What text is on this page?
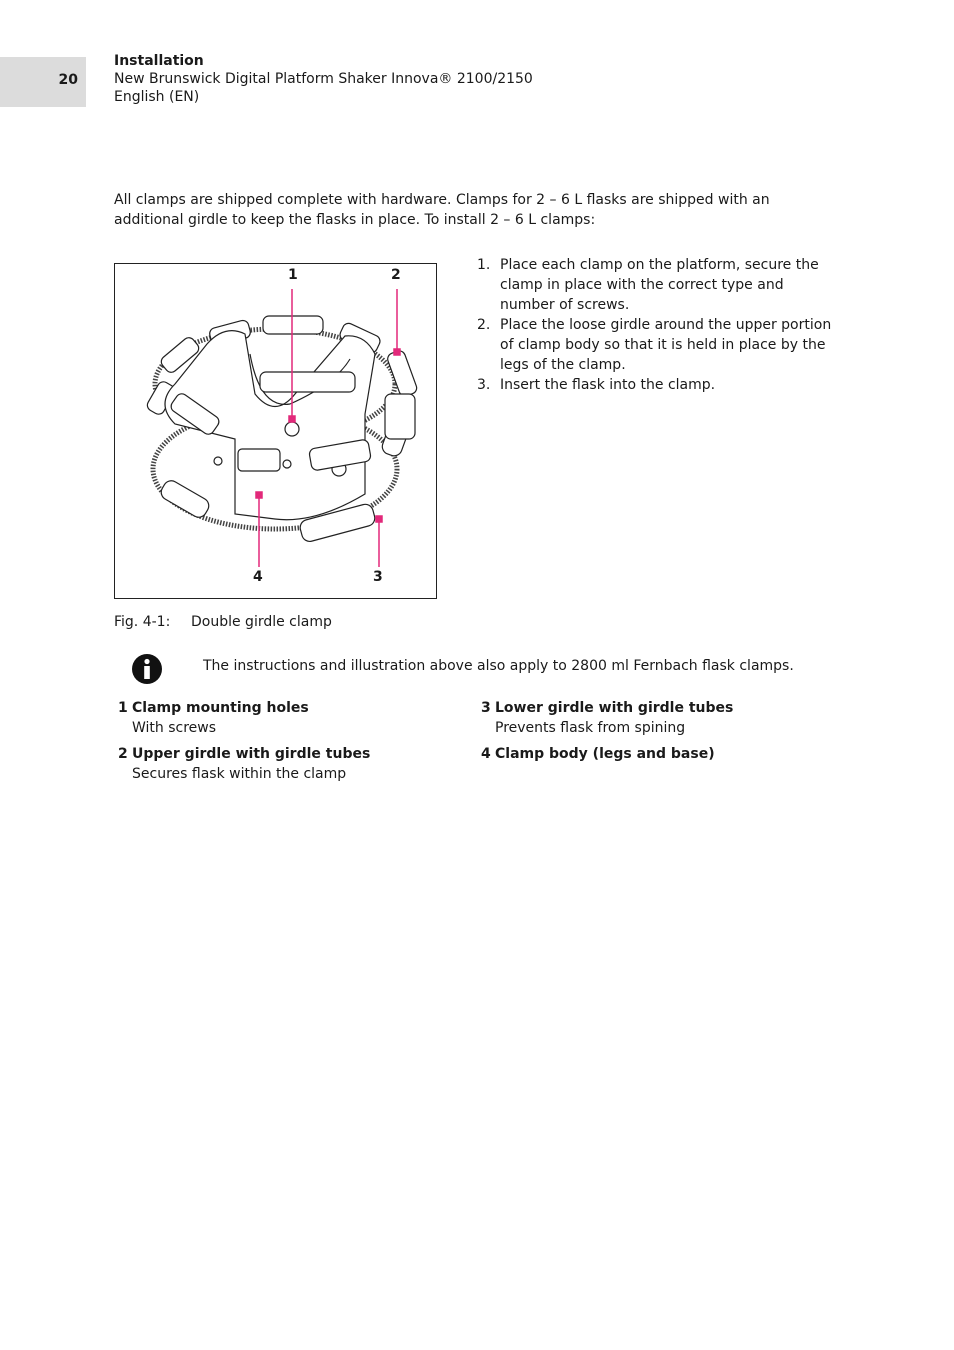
20
Installation
New Brunswick Digital Platform Shaker Innova® 2100/2150
English (EN)
All clamps are shipped complete with hardware. Clamps for 2 – 6 L flasks are shipped with an additional girdle to keep the flasks in place. To install 2 – 6 L clamps:
1	2
3
4
Fig. 4-1: Double girdle clamp
1. Place each clamp on the platform, secure the clamp in place with the correct type and number of screws.
2. Place the loose girdle around the upper portion of clamp body so that it is held in place by the legs of the clamp.
3. Insert the flask into the clamp.
The instructions and illustration above also apply to 2800 ml Fernbach flask clamps.
1 Clamp mounting holes
With screws
2 Upper girdle with girdle tubes
Secures flask within the clamp
3 Lower girdle with girdle tubes
Prevents flask from spining
4 Clamp body (legs and base)
